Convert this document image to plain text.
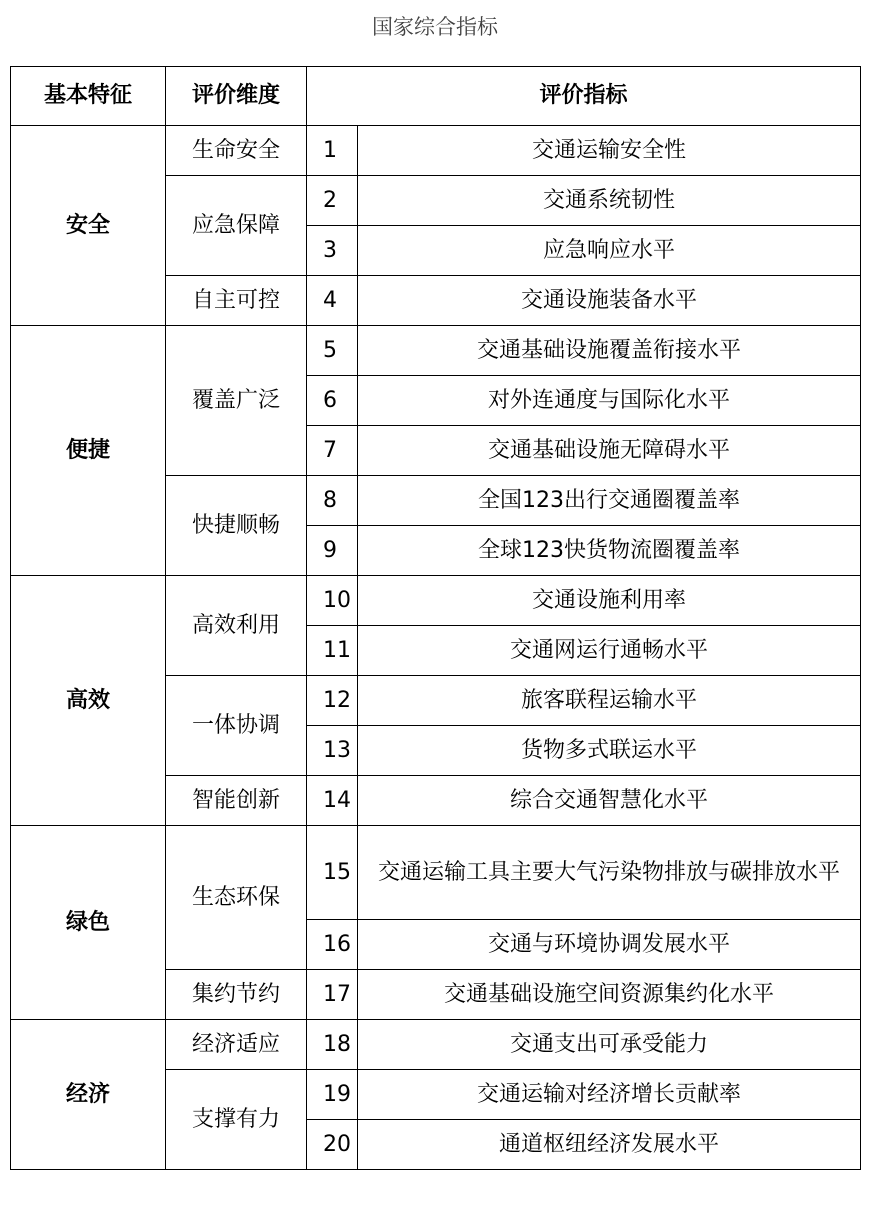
国家综合指标
基本特征	评价维度	评价指标	
安全	生命安全	1	交通运输安全性
	应急保障	2	交通系统韧性
		3	应急响应水平
	自主可控	4	交通设施装备水平
便捷	覆盖广泛	5	交通基础设施覆盖衔接水平
		6	对外连通度与国际化水平
		7	交通基础设施无障碍水平
	快捷顺畅	8	全国123出行交通圈覆盖率
		9	全球123快货物流圈覆盖率
高效	高效利用	10	交通设施利用率
		11	交通网运行通畅水平
	一体协调	12	旅客联程运输水平
		13	货物多式联运水平
	智能创新	14	综合交通智慧化水平
绿色	生态环保	15	交通运输工具主要大气污染物排放与碳排放水平
		16	交通与环境协调发展水平
	集约节约	17	交通基础设施空间资源集约化水平
经济	经济适应	18	交通支出可承受能力
	支撑有力	19	交通运输对经济增长贡献率
		20	通道枢纽经济发展水平
